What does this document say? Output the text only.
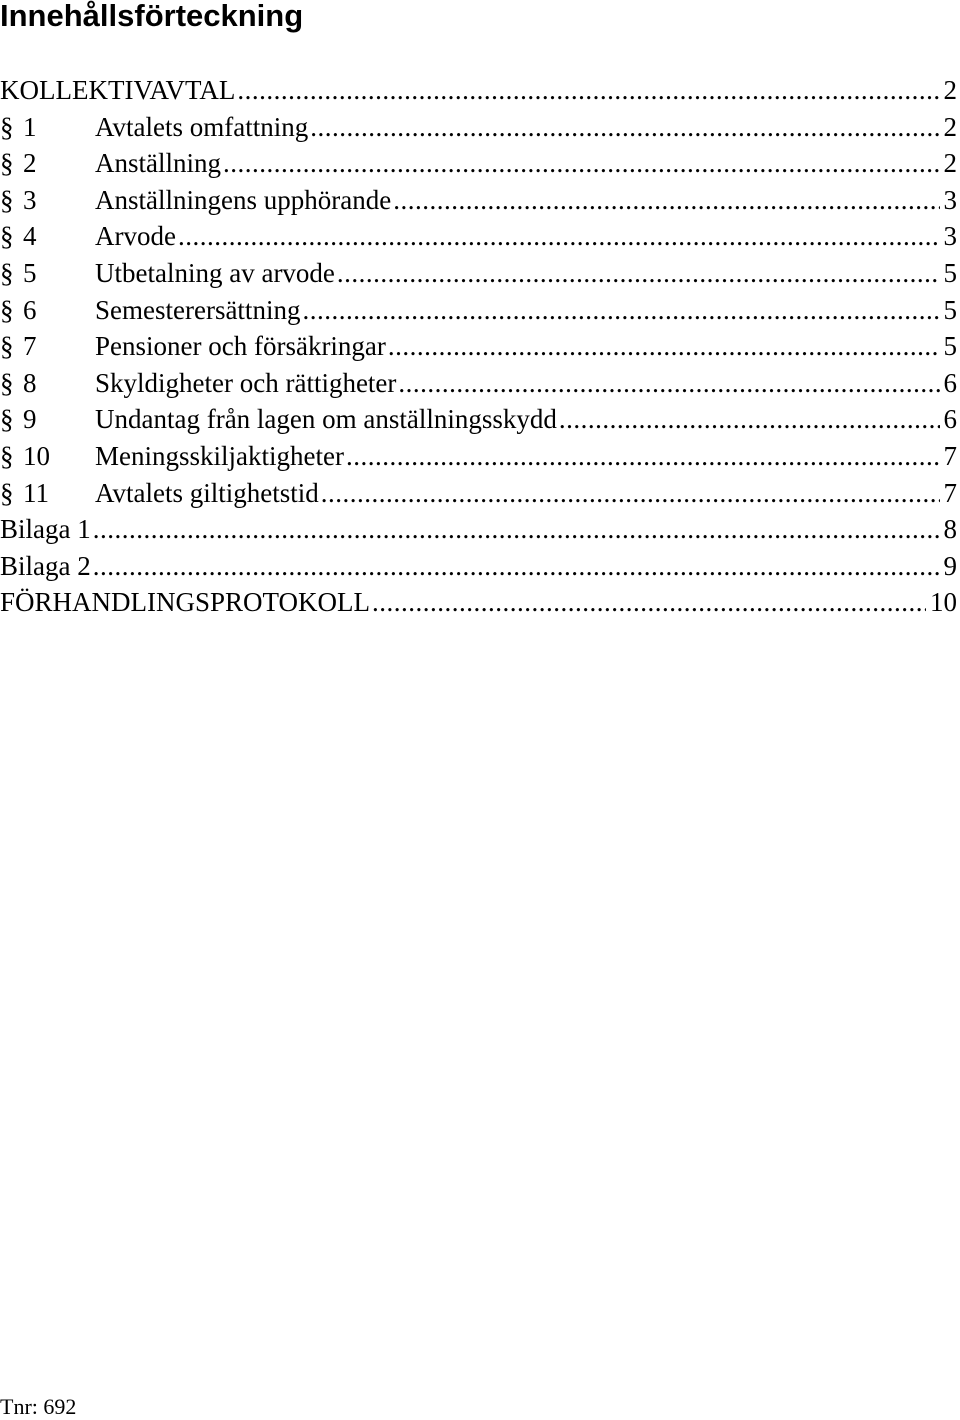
Innehållsförteckning
KOLLEKTIVAVTAL .....	2
§ 1	Avtalets omfattning .....	2
§ 2	Anställning .....	2
§ 3	Anställningens upphörande .....	3
§ 4	Arvode .....	3
§ 5	Utbetalning av arvode .....	5
§ 6	Semesterersättning .....	5
§ 7	Pensioner och försäkringar .....	5
§ 8	Skyldigheter och rättigheter .....	6
§ 9	Undantag från lagen om anställningsskydd .....	6
§ 10	Meningsskiljaktigheter .....	7
§ 11	Avtalets giltighetstid .....	7
Bilaga 1 .....	8
Bilaga 2 .....	9
FÖRHANDLINGSPROTOKOLL .....	10
Tnr: 692
